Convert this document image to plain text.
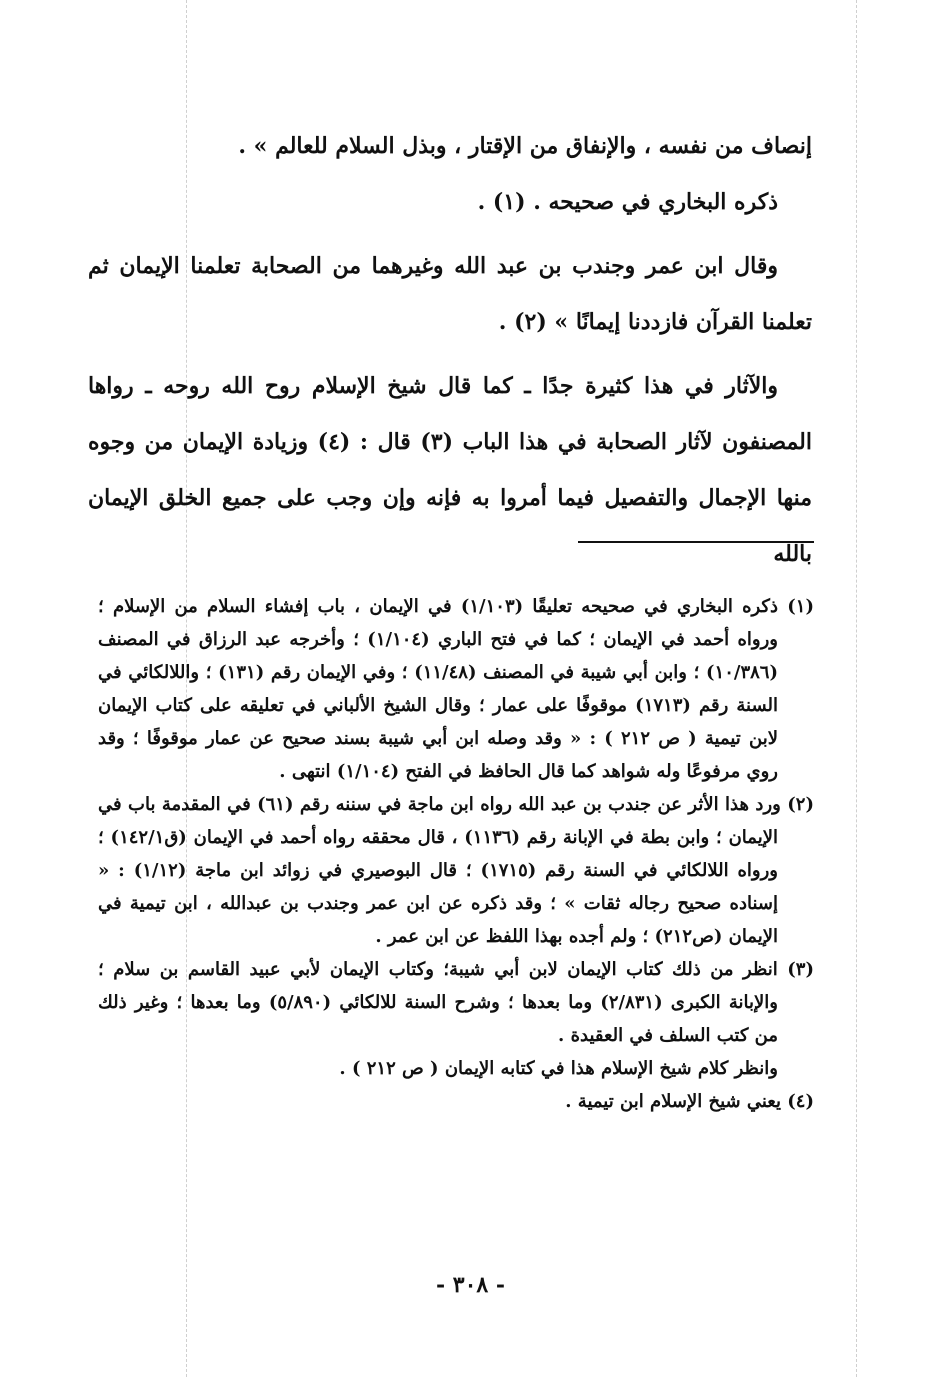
إنصاف من نفسه ، والإنفاق من الإقتار ، وبذل السلام للعالم » .

ذكره البخاري في صحيحه . (١) .

وقال ابن عمر وجندب بن عبد الله وغيرهما من الصحابة تعلمنا الإيمان ثم تعلمنا القرآن فازددنا إيمانًا » (٢) .

والآثار في هذا كثيرة جدًا ـ كما قال شيخ الإسلام روح الله روحه ـ رواها المصنفون لآثار الصحابة في هذا الباب (٣) قال : (٤) وزيادة الإيمان من وجوه منها الإجمال والتفصيل فيما أمروا به فإنه وإن وجب على جميع الخلق الإيمان بالله

(١) ذكره البخاري في صحيحه تعليقًا (١/١٠٣) في الإيمان ، باب إفشاء السلام من الإسلام ؛ ورواه أحمد في الإيمان ؛ كما في فتح الباري (١/١٠٤) ؛ وأخرجه عبد الرزاق في المصنف (١٠/٣٨٦) ؛ وابن أبي شيبة في المصنف (١١/٤٨) ؛ وفي الإيمان رقم (١٣١) ؛ واللالكائي في السنة رقم (١٧١٣) موقوفًا على عمار ؛ وقال الشيخ الألباني في تعليقه على كتاب الإيمان لابن تيمية ( ص ٢١٢ ) : « وقد وصله ابن أبي شيبة بسند صحيح عن عمار موقوفًا ؛ وقد روي مرفوعًا وله شواهد كما قال الحافظ في الفتح (١/١٠٤) انتهى .

(٢) ورد هذا الأثر عن جندب بن عبد الله رواه ابن ماجة في سننه رقم (٦١) في المقدمة باب في الإيمان ؛ وابن بطة في الإبانة رقم (١١٣٦) ، قال محققه رواه أحمد في الإيمان (ق١٤٢/١) ؛ ورواه اللالكائي في السنة رقم (١٧١٥) ؛ قال البوصيري في زوائد ابن ماجة (١/١٢) : « إسناده صحيح رجاله ثقات » ؛ وقد ذكره عن ابن عمر وجندب بن عبدالله ، ابن تيمية في الإيمان (ص٢١٢) ؛ ولم أجده بهذا اللفظ عن ابن عمر .

(٣) انظر من ذلك كتاب الإيمان لابن أبي شيبة؛ وكتاب الإيمان لأبي عبيد القاسم بن سلام ؛ والإبانة الكبرى (٢/٨٣١) وما بعدها ؛ وشرح السنة للالكائي (٥/٨٩٠) وما بعدها ؛ وغير ذلك من كتب السلف في العقيدة .

وانظر كلام شيخ الإسلام هذا في كتابه الإيمان ( ص ٢١٢ ) .

(٤) يعني شيخ الإسلام ابن تيمية .

- ٣٠٨ -
